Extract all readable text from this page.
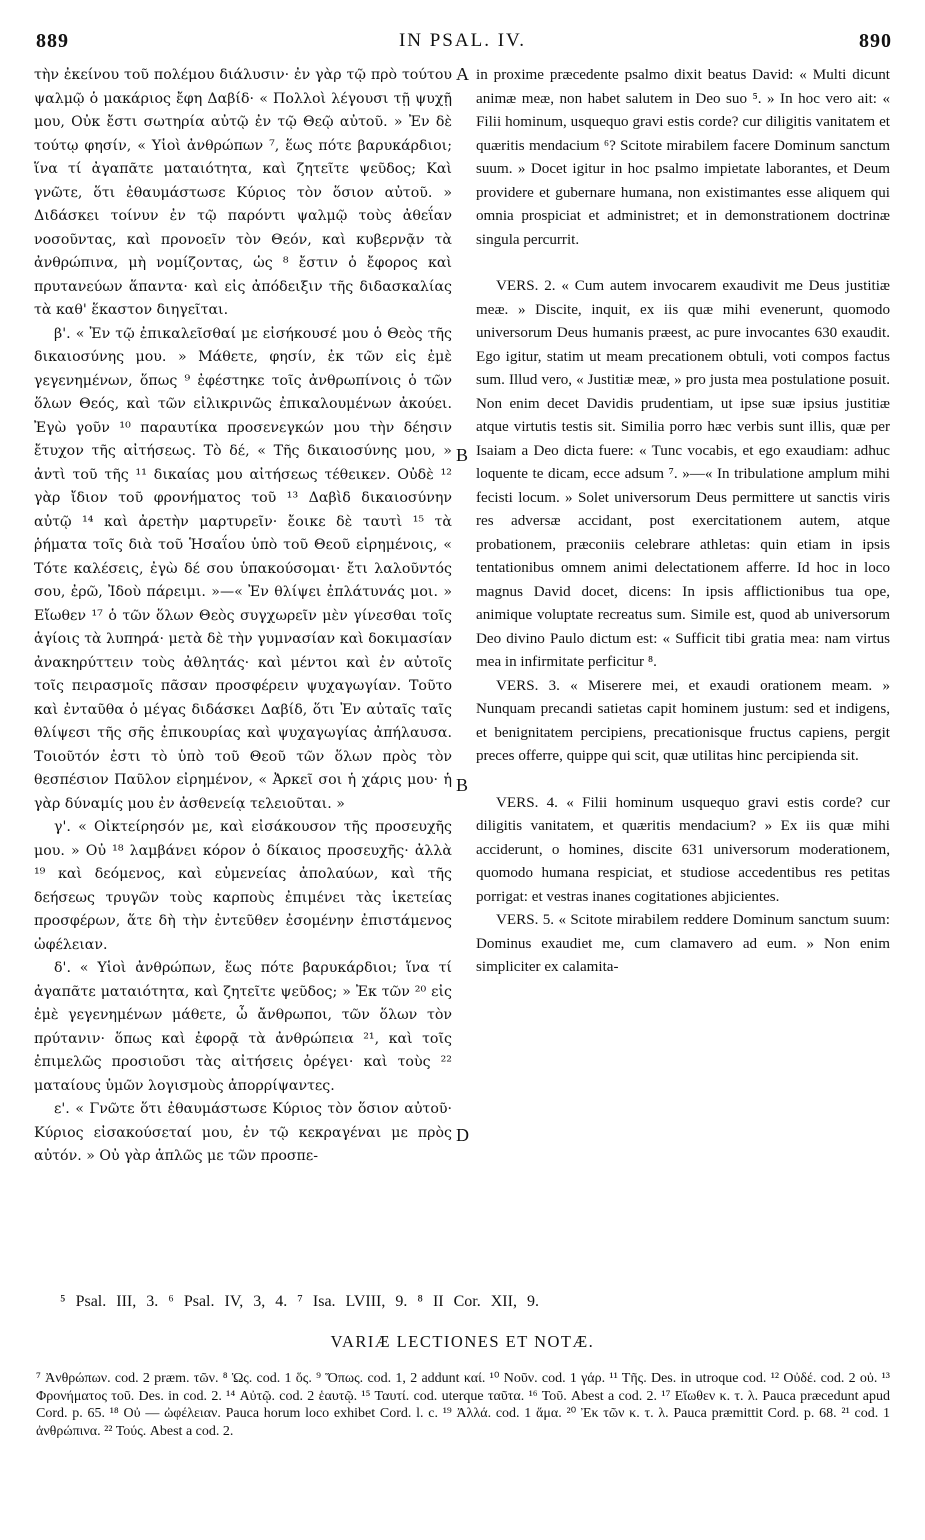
889	IN PSAL. IV.	890

τὴν ἐκείνου τοῦ πολέμου διάλυσιν· ἐν γὰρ τῷ πρὸ τούτου ψαλμῷ ὁ μακάριος ἔφη Δαβίδ· « Πολλοὶ λέγουσι τῇ ψυχῇ μου, Οὐκ ἔστι σωτηρία αὐτῷ ἐν τῷ Θεῷ αὐτοῦ. » Ἐν δὲ τούτῳ φησίν, « Υἱοὶ ἀνθρώπων ⁷, ἕως πότε βαρυκάρδιοι; ἵνα τί ἀγαπᾶτε ματαιότητα, καὶ ζητεῖτε ψεῦδος; Καὶ γνῶτε, ὅτι ἐθαυμάστωσε Κύριος τὸν ὅσιον αὐτοῦ. » Διδάσκει τοίνυν ἐν τῷ παρόντι ψαλμῷ τοὺς ἀθεΐαν νοσοῦντας, καὶ προνοεῖν τὸν Θεόν, καὶ κυβερνᾷν τὰ ἀνθρώπινα, μὴ νομίζοντας, ὡς ⁸ ἔστιν ὁ ἔφορος καὶ πρυτανεύων ἅπαντα· καὶ εἰς ἀπόδειξιν τῆς διδασκαλίας τὰ καθ' ἕκαστον διηγεῖται.

β'. « Ἐν τῷ ἐπικαλεῖσθαί με εἰσήκουσέ μου ὁ Θεὸς τῆς δικαιοσύνης μου. » Μάθετε, φησίν, ἐκ τῶν εἰς ἐμὲ γεγενημένων, ὅπως ⁹ ἐφέστηκε τοῖς ἀνθρωπίνοις ὁ τῶν ὅλων Θεός, καὶ τῶν εἰλικρινῶς ἐπικαλουμένων ἀκούει. Ἐγὼ γοῦν ¹⁰ παραυτίκα προσενεγκών μου τὴν δέησιν ἔτυχον τῆς αἰτήσεως. Τὸ δέ, « Τῆς δικαιοσύνης μου, » ἀντὶ τοῦ τῆς ¹¹ δικαίας μου αἰτήσεως τέθεικεν. Οὐδὲ ¹² γὰρ ἴδιον τοῦ φρονήματος τοῦ ¹³ Δαβὶδ δικαιοσύνην αὐτῷ ¹⁴ καὶ ἀρετὴν μαρτυρεῖν· ἔοικε δὲ ταυτὶ ¹⁵ τὰ ῥήματα τοῖς διὰ τοῦ Ἡσαΐου ὑπὸ τοῦ Θεοῦ εἰρημένοις, « Τότε καλέσεις, ἐγὼ δέ σου ὑπακούσομαι· ἔτι λαλοῦντός σου, ἐρῶ, Ἰδοὺ πάρειμι. »—« Ἐν θλίψει ἐπλάτυνάς μοι. » Εἴωθεν ¹⁷ ὁ τῶν ὅλων Θεὸς συγχωρεῖν μὲν γίνεσθαι τοῖς ἁγίοις τὰ λυπηρά· μετὰ δὲ τὴν γυμνασίαν καὶ δοκιμασίαν ἀνακηρύττειν τοὺς ἀθλητάς· καὶ μέντοι καὶ ἐν αὐτοῖς τοῖς πειρασμοῖς πᾶσαν προσφέρειν ψυχαγωγίαν. Τοῦτο καὶ ἐνταῦθα ὁ μέγας διδάσκει Δαβίδ, ὅτι Ἐν αὐταῖς ταῖς θλίψεσι τῆς σῆς ἐπικουρίας καὶ ψυχαγωγίας ἀπήλαυσα. Τοιοῦτόν ἐστι τὸ ὑπὸ τοῦ Θεοῦ τῶν ὅλων πρὸς τὸν θεσπέσιον Παῦλον εἰρημένον, « Ἀρκεῖ σοι ἡ χάρις μου· ἡ γὰρ δύναμίς μου ἐν ἀσθενείᾳ τελειοῦται. »

γ'. « Οἰκτείρησόν με, καὶ εἰσάκουσον τῆς προσευχῆς μου. » Οὐ ¹⁸ λαμβάνει κόρον ὁ δίκαιος προσευχῆς· ἀλλὰ ¹⁹ καὶ δεόμενος, καὶ εὐμενείας ἀπολαύων, καὶ τῆς δεήσεως τρυγῶν τοὺς καρποὺς ἐπιμένει τὰς ἱκετείας προσφέρων, ἅτε δὴ τὴν ἐντεῦθεν ἐσομένην ἐπιστάμενος ὠφέλειαν.

δ'. « Υἱοὶ ἀνθρώπων, ἕως πότε βαρυκάρδιοι; ἵνα τί ἀγαπᾶτε ματαιότητα, καὶ ζητεῖτε ψεῦδος; » Ἐκ τῶν ²⁰ εἰς ἐμὲ γεγενημένων μάθετε, ὦ ἄνθρωποι, τῶν ὅλων τὸν πρύτανιν· ὅπως καὶ ἐφορᾷ τὰ ἀνθρώπεια ²¹, καὶ τοῖς ἐπιμελῶς προσιοῦσι τὰς αἰτήσεις ὀρέγει· καὶ τοὺς ²² ματαίους ὑμῶν λογισμοὺς ἀπορρίψαντες.

ε'. « Γνῶτε ὅτι ἐθαυμάστωσε Κύριος τὸν ὅσιον αὐτοῦ· Κύριος εἰσακούσεταί μου, ἐν τῷ κεκραγέναι με πρὸς αὐτόν. » Οὐ γὰρ ἁπλῶς με τῶν προσπε-

A
B
B
D

in proxime præcedente psalmo dixit beatus David: « Multi dicunt animæ meæ, non habet salutem in Deo suo ⁵. » In hoc vero ait: « Filii hominum, usquequo gravi estis corde? cur diligitis vanitatem et quæritis mendacium ⁶? Scitote mirabilem facere Dominum sanctum suum. » Docet igitur in hoc psalmo impietate laborantes, et Deum providere et gubernare humana, non existimantes esse aliquem qui omnia prospiciat et administret; et in demonstrationem doctrinæ singula percurrit.

VERS. 2. « Cum autem invocarem exaudivit me Deus justitiæ meæ. » Discite, inquit, ex iis quæ mihi evenerunt, quomodo universorum Deus humanis præest, ac pure invocantes 630 exaudit. Ego igitur, statim ut meam precationem obtuli, voti compos factus sum. Illud vero, « Justitiæ meæ, » pro justa mea postulatione posuit. Non enim decet Davidis prudentiam, ut ipse suæ ipsius justitiæ atque virtutis testis sit. Similia porro hæc verbis sunt illis, quæ per Isaiam a Deo dicta fuere: « Tunc vocabis, et ego exaudiam: adhuc loquente te dicam, ecce adsum ⁷. »—« In tribulatione amplum mihi fecisti locum. » Solet universorum Deus permittere ut sanctis viris res adversæ accidant, post exercitationem autem, atque probationem, præconiis celebrare athletas: quin etiam in ipsis tentationibus omnem animi delectationem afferre. Id hoc in loco magnus David docet, dicens: In ipsis afflictionibus tua ope, animique voluptate recreatus sum. Simile est, quod ab universorum Deo divino Paulo dictum est: « Sufficit tibi gratia mea: nam virtus mea in infirmitate perficitur ⁸.

VERS. 3. « Miserere mei, et exaudi orationem meam. » Nunquam precandi satietas capit hominem justum: sed et indigens, et benignitatem percipiens, precationisque fructus capiens, pergit preces offerre, quippe qui scit, quæ utilitas hinc percipienda sit.

VERS. 4. « Filii hominum usquequo gravi estis corde? cur diligitis vanitatem, et quæritis mendacium? » Ex iis quæ mihi acciderunt, o homines, discite 631 universorum moderationem, quomodo humana respiciat, et studiose accedentibus res petitas porrigat: et vestras inanes cogitationes abjicientes.

VERS. 5. « Scitote mirabilem reddere Dominum sanctum suum: Dominus exaudiet me, cum clamavero ad eum. » Non enim simpliciter ex calamita-

⁵ Psal. III, 3. ⁶ Psal. IV, 3, 4. ⁷ Isa. LVIII, 9. ⁸ II Cor. XII, 9.
VARIÆ LECTIONES ET NOTÆ.

⁷ Ἀνθρώπων. cod. 2 præm. τῶν. ⁸ Ὡς. cod. 1 ὅς. ⁹ Ὅπως. cod. 1, 2 addunt καί. ¹⁰ Νοῦν. cod. 1 γάρ. ¹¹ Τῆς. Des. in utroque cod. ¹² Οὐδέ. cod. 2 οὐ. ¹³ Φρονήματος τοῦ. Des. in cod. 2. ¹⁴ Αὐτῷ. cod. 2 ἑαυτῷ. ¹⁵ Ταυτί. cod. uterque ταῦτα. ¹⁶ Τοῦ. Abest a cod. 2. ¹⁷ Εἴωθεν κ. τ. λ. Pauca præcedunt apud Cord. p. 65. ¹⁸ Οὐ — ὠφέλειαν. Pauca horum loco exhibet Cord. l. c. ¹⁹ Ἀλλά. cod. 1 ἅμα. ²⁰ Ἐκ τῶν κ. τ. λ. Pauca præmittit Cord. p. 68. ²¹ cod. 1 ἀνθρώπινα. ²² Τούς. Abest a cod. 2.
